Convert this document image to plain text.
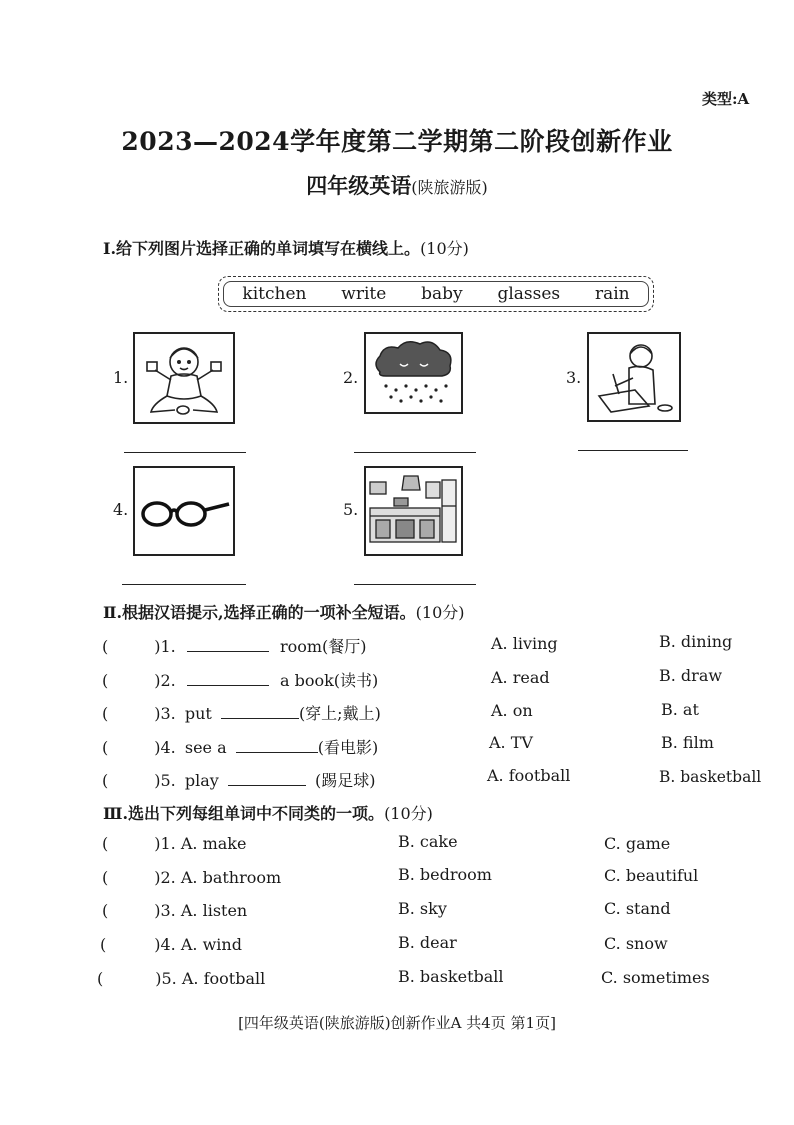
类型:A
2023—2024学年度第二学期第二阶段创新作业
四年级英语(陕旅游版)
Ⅰ.给下列图片选择正确的单词填写在横线上。(10分)
kitchen write baby glasses rain
1.	2.	3.
4.	5.
Ⅱ.根据汉语提示,选择正确的一项补全短语。(10分)
(	)1.	room(餐厅)	A. living	B. dining
(	)2.	a book(读书)	A. read	B. draw
(	)3. put	(穿上;戴上)	A. on	B. at
(	)4. see a	(看电影)	A. TV	B. film
(	)5. play	(踢足球)	A. football	B. basketball
Ⅲ.选出下列每组单词中不同类的一项。(10分)
(	)1. A. make	B. cake	C. game
(	)2. A. bathroom	B. bedroom	C. beautiful
(	)3. A. listen	B. sky	C. stand
(	)4. A. wind	B. dear	C. snow
(	)5. A. football	B. basketball	C. sometimes
[四年级英语(陕旅游版)创新作业A 共4页 第1页]
